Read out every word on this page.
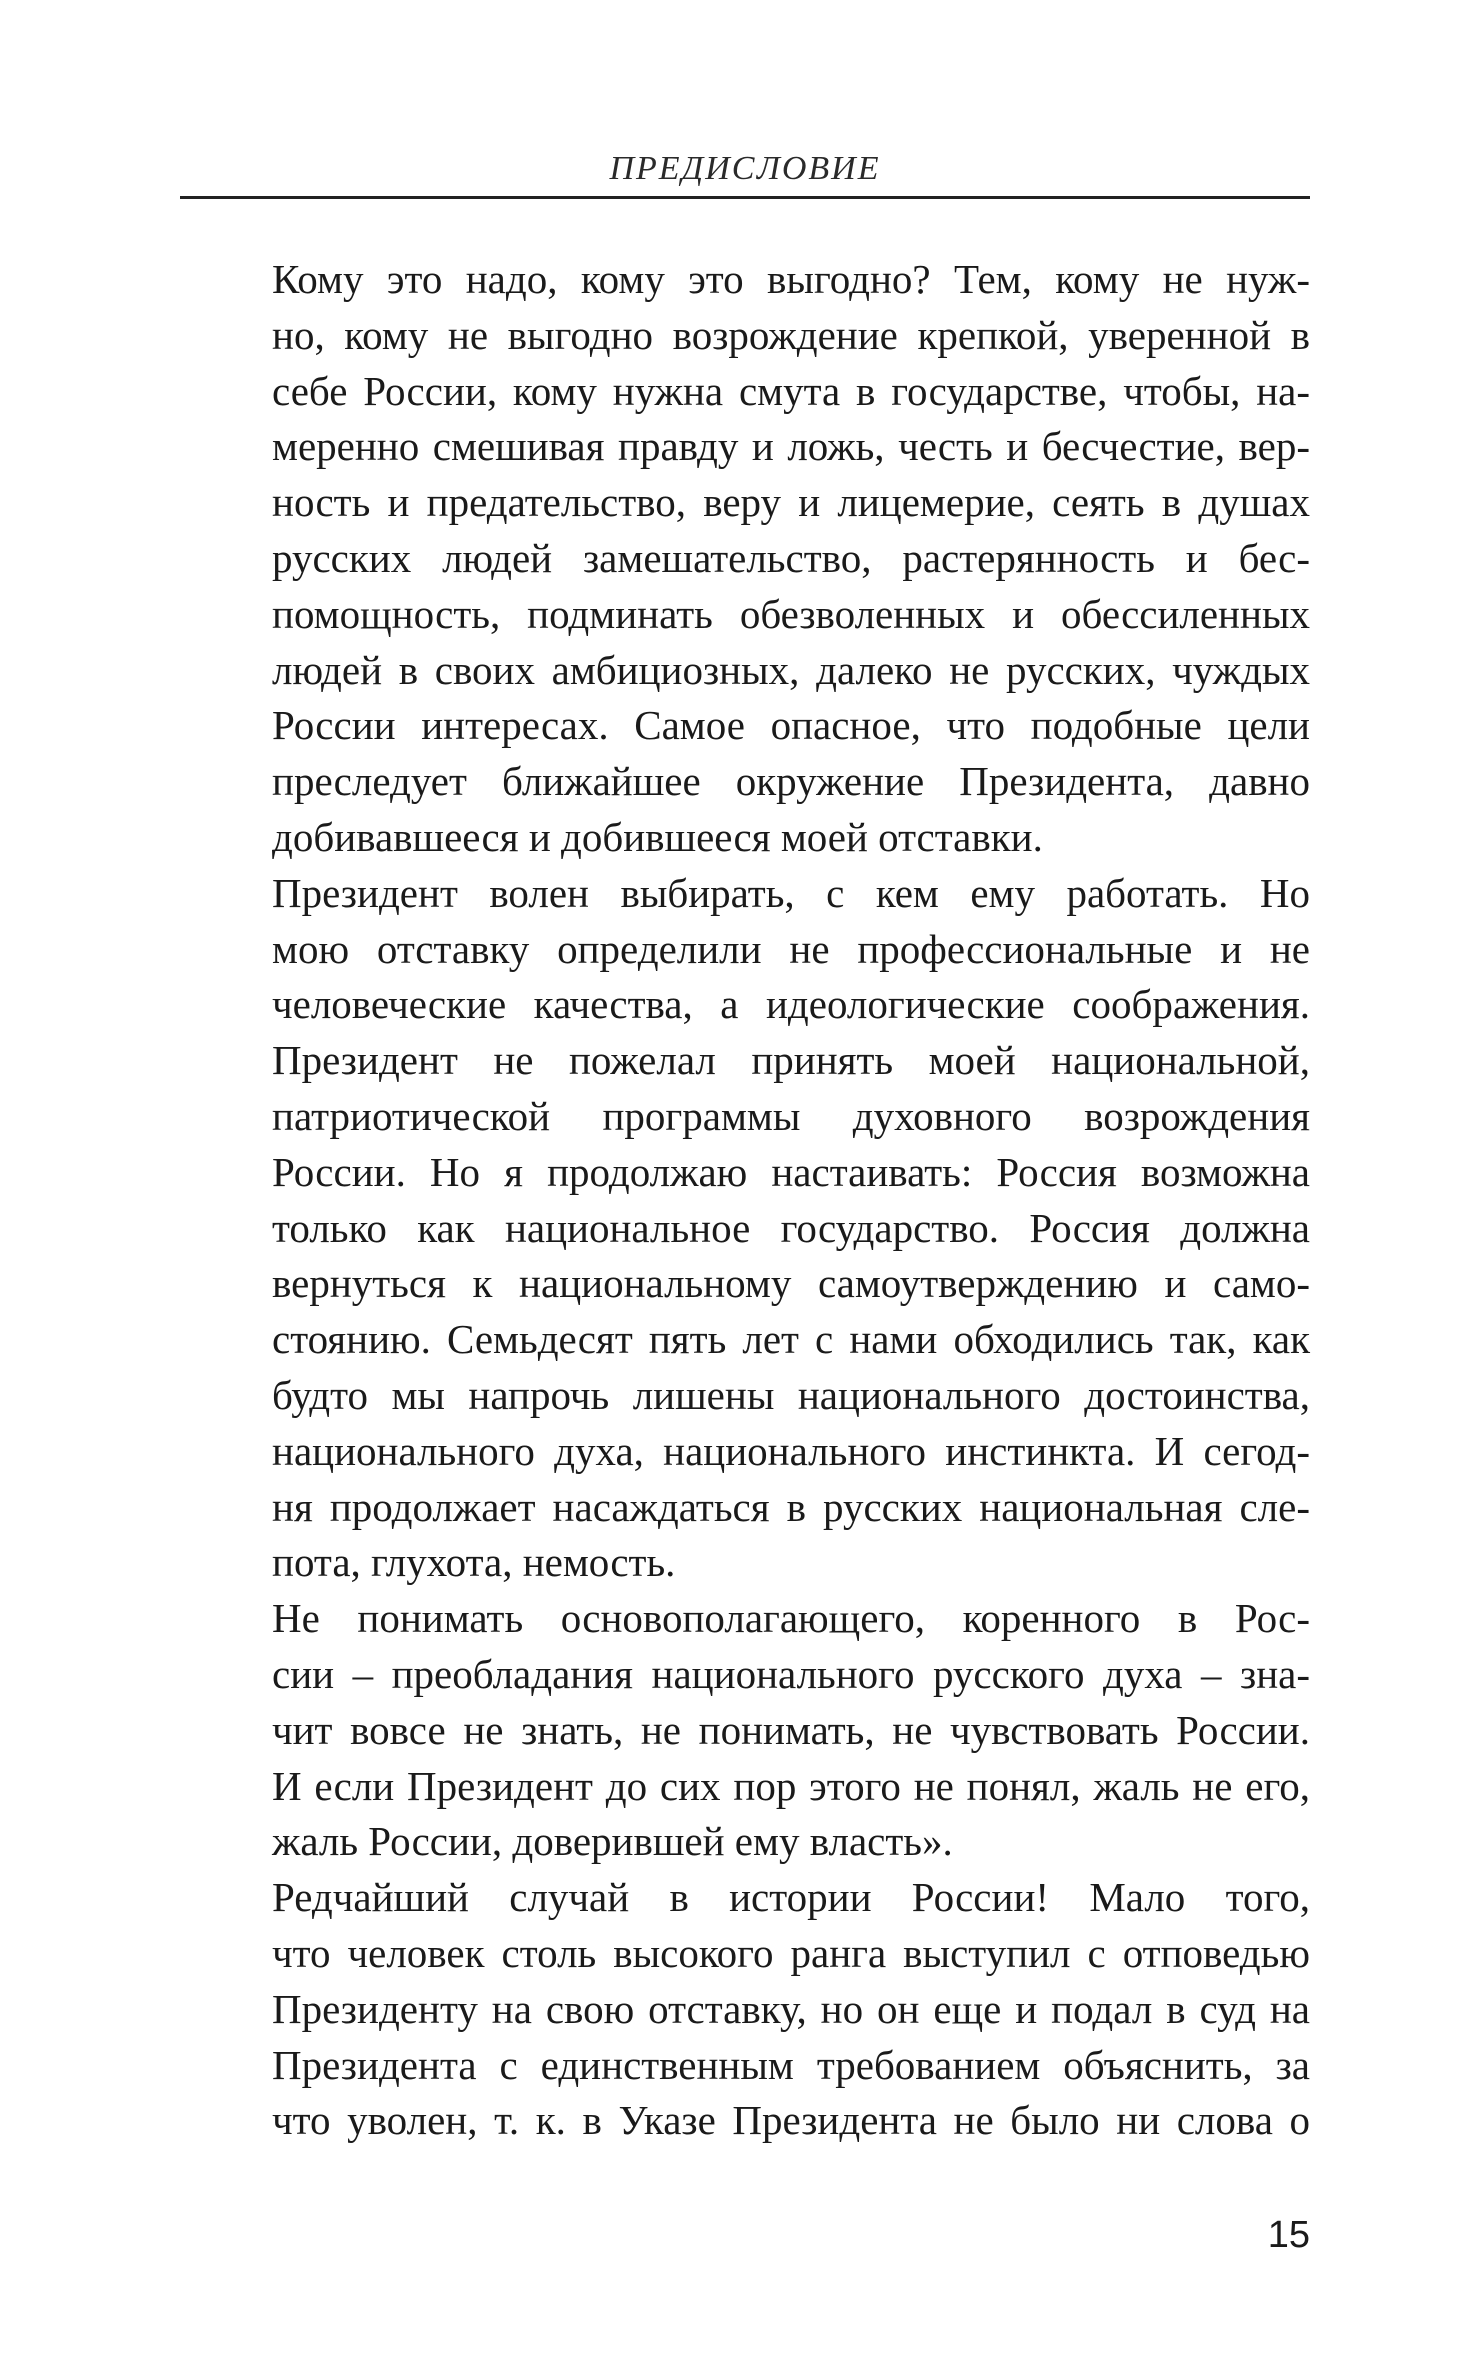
ПРЕДИСЛОВИЕ

Кому это надо, кому это выгодно? Тем, кому не нуж-
но, кому не выгодно возрождение крепкой, уверенной в
себе России, кому нужна смута в государстве, чтобы, на-
меренно смешивая правду и ложь, честь и бесчестие, вер-
ность и предательство, веру и лицемерие, сеять в душах
русских людей замешательство, растерянность и бес-
помощность, подминать обезволенных и обессиленных
людей в своих амбициозных, далеко не русских, чуждых
России интересах. Самое опасное, что подобные цели
преследует ближайшее окружение Президента, давно
добивавшееся и добившееся моей отставки.

Президент волен выбирать, с кем ему работать. Но
мою отставку определили не профессиональные и не
человеческие качества, а идеологические соображения.
Президент не пожелал принять моей национальной,
патриотической программы духовного возрождения
России. Но я продолжаю настаивать: Россия возможна
только как национальное государство. Россия должна
вернуться к национальному самоутверждению и само-
стоянию. Семьдесят пять лет с нами обходились так, как
будто мы напрочь лишены национального достоинства,
национального духа, национального инстинкта. И сегод-
ня продолжает насаждаться в русских национальная сле-
пота, глухота, немость.

Не понимать основополагающего, коренного в Рос-
сии – преобладания национального русского духа – зна-
чит вовсе не знать, не понимать, не чувствовать России.
И если Президент до сих пор этого не понял, жаль не его,
жаль России, доверившей ему власть».

Редчайший случай в истории России! Мало того,
что человек столь высокого ранга выступил с отповедью
Президенту на свою отставку, но он еще и подал в суд на
Президента с единственным требованием объяснить, за
что уволен, т. к. в Указе Президента не было ни слова о

15
